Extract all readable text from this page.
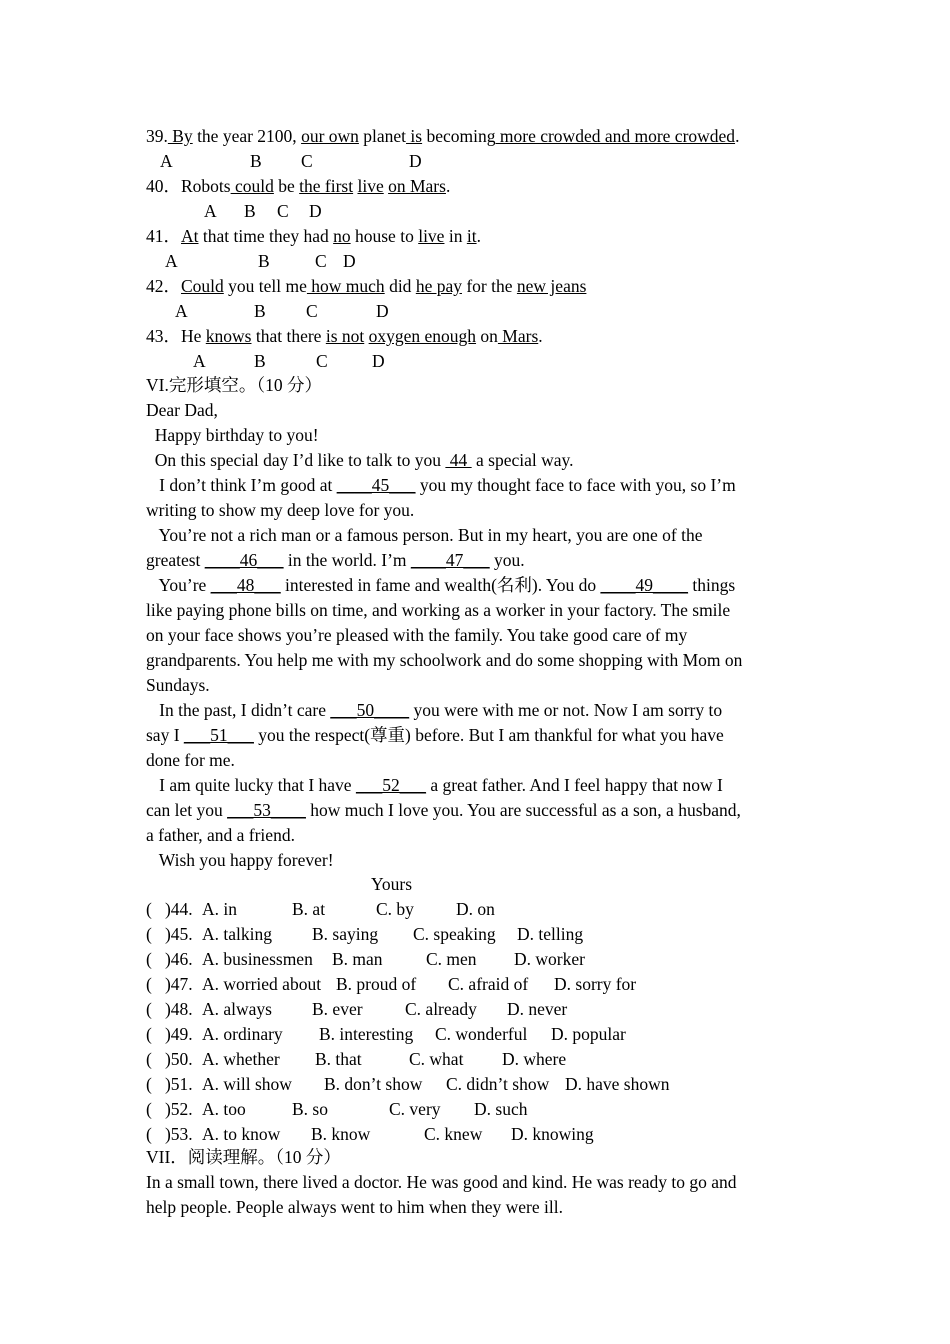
39. By the year 2100, our own planet is becoming more crowded and more crowded.
A	B C	D
40．Robots could be the first live on Mars.
A B C D
41．At that time they had no house to live in it.
A	B	C D
42．Could you tell me how much did he pay for the new jeans
A	B C	D
43．He knows that there is not oxygen enough on Mars.
A	B	C	D
VI.完形填空。（10 分）
Dear Dad,
Happy birthday to you!
On this special day I’d like to talk to you  44  a special way.
I don’t think I’m good at ____45___ you my thought face to face with you, so I’m
writing to show my deep love for you.
You’re not a rich man or a famous person. But in my heart, you are one of the
greatest ____46___ in the world. I’m ____47___ you.
You’re ___48___ interested in fame and wealth(名利). You do ____49____ things
like paying phone bills on time, and working as a worker in your factory. The smile
on your face shows you’re pleased with the family. You take good care of my
grandparents. You help me with my schoolwork and do some shopping with Mom on
Sundays.
In the past, I didn’t care ___50____ you were with me or not. Now I am sorry to
say I ___51___ you the respect(尊重) before. But I am thankful for what you have
done for me.
I am quite lucky that I have ___52___ a great father. And I feel happy that now I
can let you ___53____ how much I love you. You are successful as a son, a husband,
a father, and a friend.
Wish you happy forever!
Yours
(   )44. A. in	B. at	C. by D. on
(   )45. A. talking B. saying C. speaking D. telling
(   )46. A. businessmen B. man C. men D. worker
(   )47. A. worried about B. proud of C. afraid of D. sorry for
(   )48. A. always B. ever C. already D. never
(   )49. A. ordinary B. interesting C. wonderful D. popular
(   )50. A. whether B. that	C. what D. where
(   )51. A. will show B. don’t show C. didn’t show D. have shown
(   )52. A. too	B. so	C. very D. such
(   )53. A. to know B. know	C. knew D. knowing
VII．阅读理解。（10 分）
In a small town, there lived a doctor. He was good and kind. He was ready to go and
help people. People always went to him when they were ill.
